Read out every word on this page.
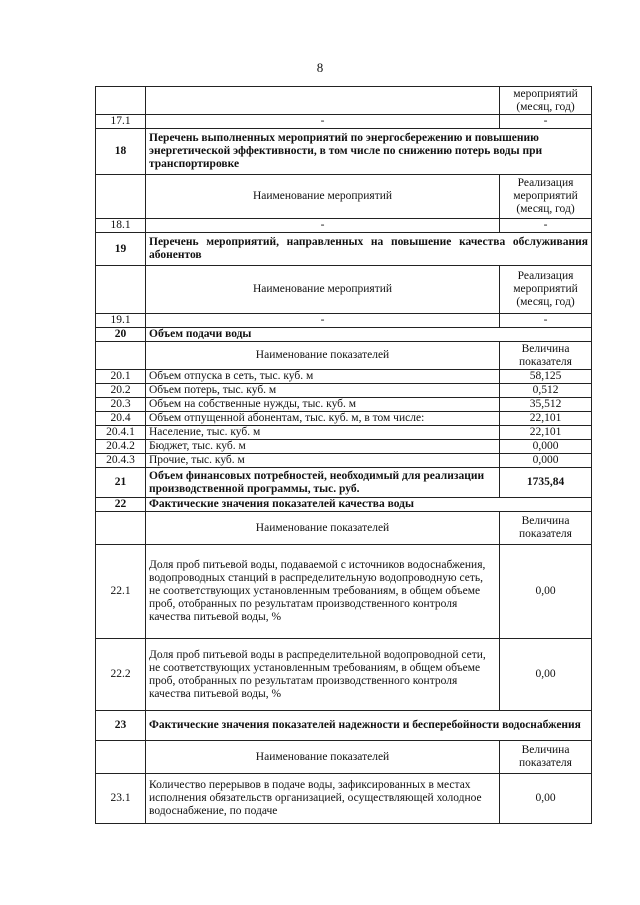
8
		мероприятий (месяц, год)
17.1	-	-
18	Перечень выполненных мероприятий по энергосбережению и повышению энергетической эффективности, в том числе по снижению потерь воды при транспортировке	
	Наименование мероприятий	Реализация мероприятий (месяц, год)
18.1	-	-
19	Перечень мероприятий, направленных на повышение качества обслуживания абонентов	
	Наименование мероприятий	Реализация мероприятий (месяц, год)
19.1	-	-
20	Объем подачи воды	
	Наименование показателей	Величина показателя
20.1	Объем отпуска в сеть, тыс. куб. м	58,125
20.2	Объем потерь, тыс. куб. м	0,512
20.3	Объем на собственные нужды, тыс. куб. м	35,512
20.4	Объем отпущенной абонентам, тыс. куб. м, в том числе:	22,101
20.4.1	Население, тыс. куб. м	22,101
20.4.2	Бюджет, тыс. куб. м	0,000
20.4.3	Прочие, тыс. куб. м	0,000
21	Объем финансовых потребностей, необходимый для реализации производственной программы, тыс. руб.	1735,84
22	Фактические значения показателей качества воды	
	Наименование показателей	Величина показателя
22.1	Доля проб питьевой воды, подаваемой с источников водоснабжения, водопроводных станций в распределительную водопроводную сеть, не соответствующих установленным требованиям, в общем объеме проб, отобранных по результатам производственного контроля качества питьевой воды, %	0,00
22.2	Доля проб питьевой воды в распределительной водопроводной сети, не соответствующих установленным требованиям, в общем объеме проб, отобранных по результатам производственного контроля качества питьевой воды, %	0,00
23	Фактические значения показателей надежности и бесперебойности водоснабжения	
	Наименование показателей	Величина показателя
23.1	Количество перерывов в подаче воды, зафиксированных в местах исполнения обязательств организацией, осуществляющей холодное водоснабжение, по подаче	0,00
